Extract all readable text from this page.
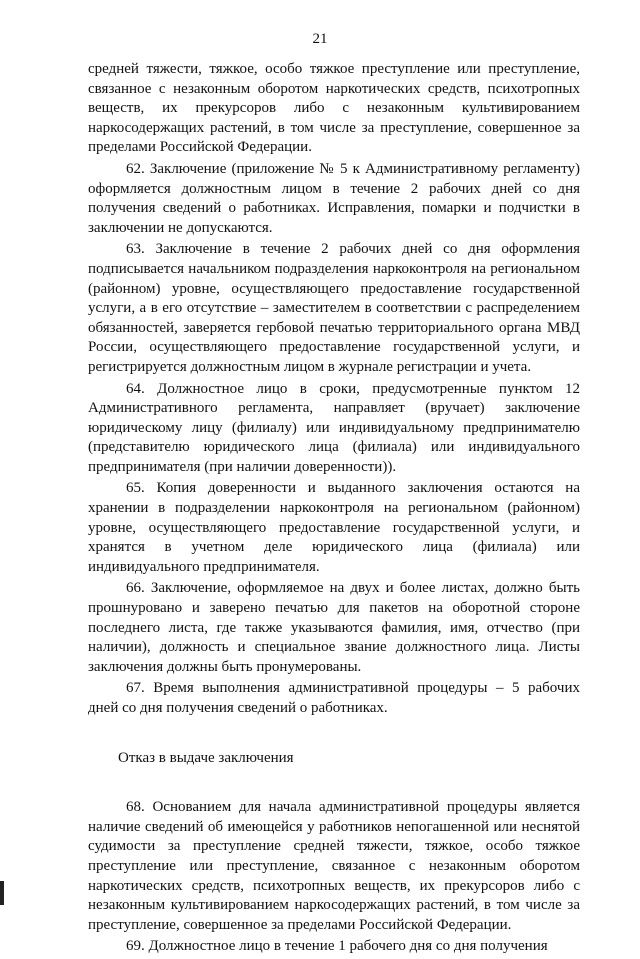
21

средней тяжести, тяжкое, особо тяжкое преступление или преступление, связанное с незаконным оборотом наркотических средств, психотропных веществ, их прекурсоров либо с незаконным культивированием наркосодержащих растений, в том числе за преступление, совершенное за пределами Российской Федерации.

62. Заключение (приложение № 5 к Административному регламенту) оформляется должностным лицом в течение 2 рабочих дней со дня получения сведений о работниках. Исправления, помарки и подчистки в заключении не допускаются.

63. Заключение в течение 2 рабочих дней со дня оформления подписывается начальником подразделения наркоконтроля на региональном (районном) уровне, осуществляющего предоставление государственной услуги, а в его отсутствие – заместителем в соответствии с распределением обязанностей, заверяется гербовой печатью территориального органа МВД России, осуществляющего предоставление государственной услуги, и регистрируется должностным лицом в журнале регистрации и учета.

64. Должностное лицо в сроки, предусмотренные пунктом 12 Административного регламента, направляет (вручает) заключение юридическому лицу (филиалу) или индивидуальному предпринимателю (представителю юридического лица (филиала) или индивидуального предпринимателя (при наличии доверенности)).

65. Копия доверенности и выданного заключения остаются на хранении в подразделении наркоконтроля на региональном (районном) уровне, осуществляющего предоставление государственной услуги, и хранятся в учетном деле юридического лица (филиала) или индивидуального предпринимателя.

66. Заключение, оформляемое на двух и более листах, должно быть прошнуровано и заверено печатью для пакетов на оборотной стороне последнего листа, где также указываются фамилия, имя, отчество (при наличии), должность и специальное звание должностного лица. Листы заключения должны быть пронумерованы.

67. Время выполнения административной процедуры – 5 рабочих дней со дня получения сведений о работниках.

Отказ в выдаче заключения

68. Основанием для начала административной процедуры является наличие сведений об имеющейся у работников непогашенной или неснятой судимости за преступление средней тяжести, тяжкое, особо тяжкое преступление или преступление, связанное с незаконным оборотом наркотических средств, психотропных веществ, их прекурсоров либо с незаконным культивированием наркосодержащих растений, в том числе за преступление, совершенное за пределами Российской Федерации.

69. Должностное лицо в течение 1 рабочего дня со дня получения
